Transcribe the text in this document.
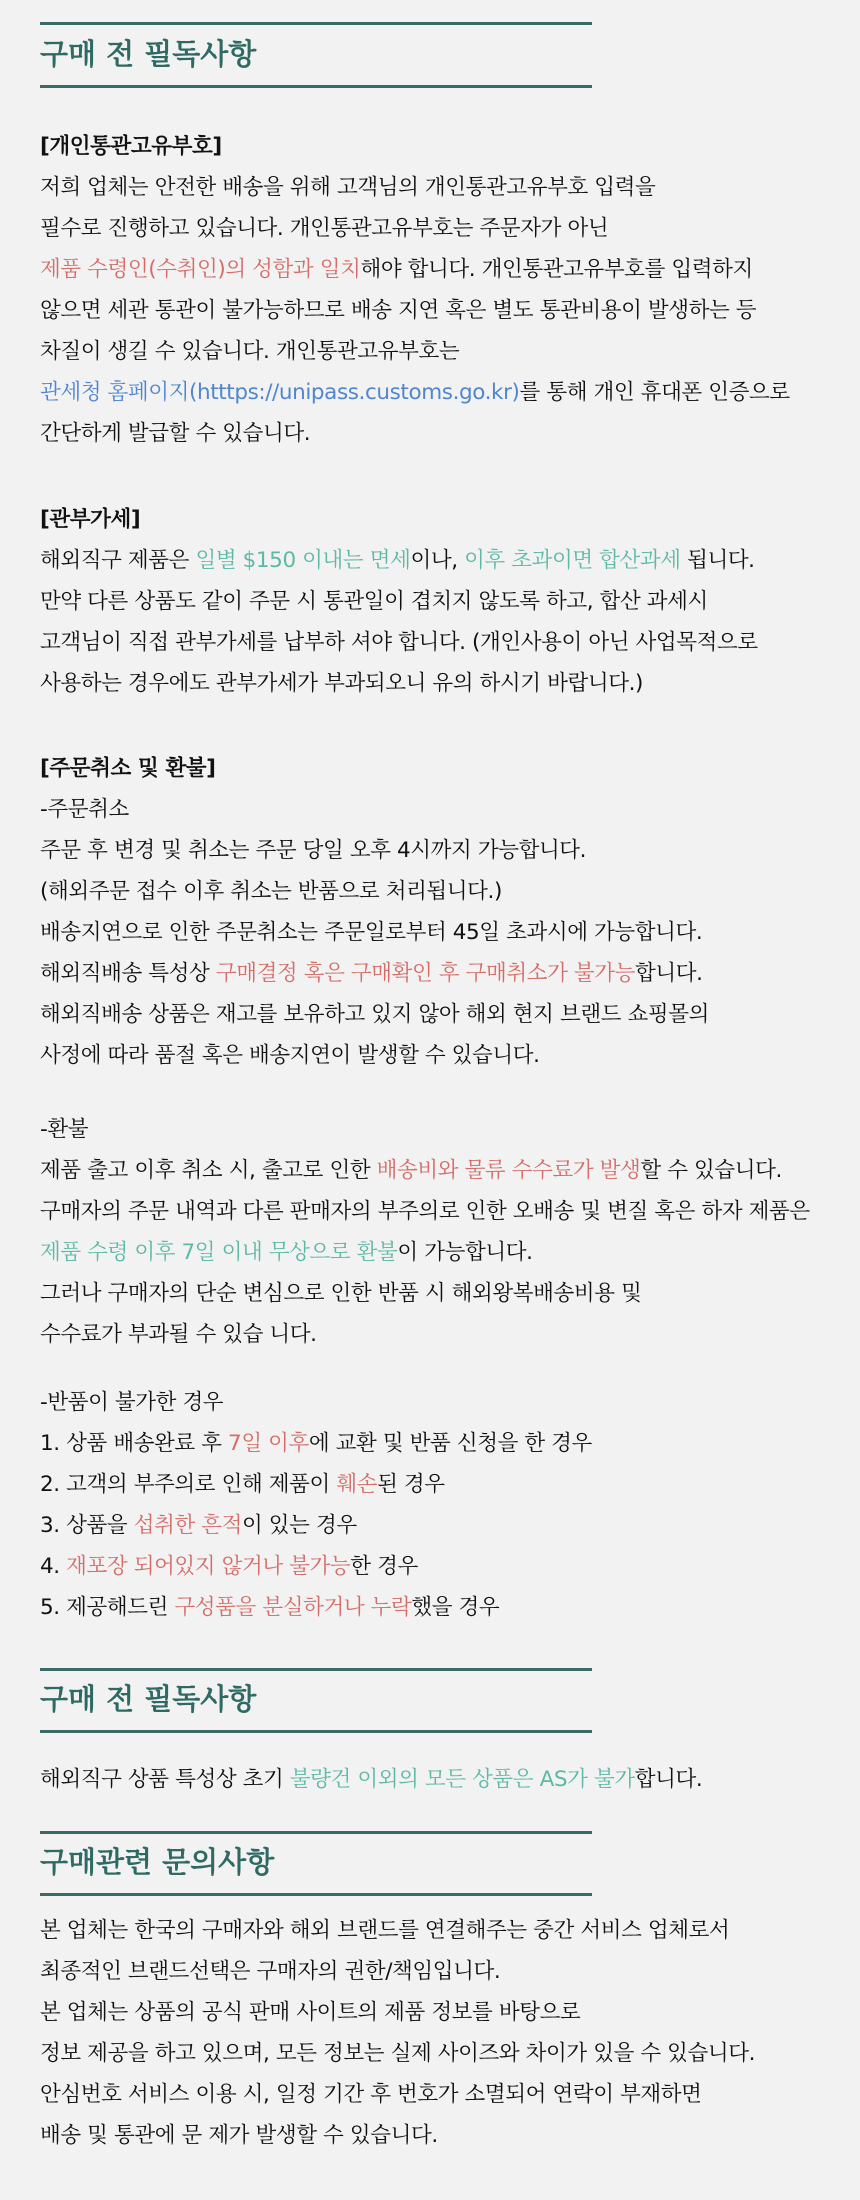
구매 전 필독사항
[개인통관고유부호]
저희 업체는 안전한 배송을 위해 고객님의 개인통관고유부호 입력을
필수로 진행하고 있습니다. 개인통관고유부호는 주문자가 아닌
제품 수령인(수취인)의 성함과 일치해야 합니다. 개인통관고유부호를 입력하지
않으면 세관 통관이 불가능하므로 배송 지연 혹은 별도 통관비용이 발생하는 등
차질이 생길 수 있습니다. 개인통관고유부호는
관세청 홈페이지(htttps://unipass.customs.go.kr)를 통해 개인 휴대폰 인증으로
간단하게 발급할 수 있습니다.
[관부가세]
해외직구 제품은 일별 $150 이내는 면세이나, 이후 초과이면 합산과세 됩니다.
만약 다른 상품도 같이 주문 시 통관일이 겹치지 않도록 하고, 합산 과세시
고객님이 직접 관부가세를 납부하 셔야 합니다. (개인사용이 아닌 사업목적으로
사용하는 경우에도 관부가세가 부과되오니 유의 하시기 바랍니다.)
[주문취소 및 환불]
-주문취소
주문 후 변경 및 취소는 주문 당일 오후 4시까지 가능합니다.
(해외주문 접수 이후 취소는 반품으로 처리됩니다.)
배송지연으로 인한 주문취소는 주문일로부터 45일 초과시에 가능합니다.
해외직배송 특성상 구매결정 혹은 구매확인 후 구매취소가 불가능합니다.
해외직배송 상품은 재고를 보유하고 있지 않아 해외 현지 브랜드 쇼핑몰의
사정에 따라 품절 혹은 배송지연이 발생할 수 있습니다.
-환불
제품 출고 이후 취소 시, 출고로 인한 배송비와 물류 수수료가 발생할 수 있습니다.
구매자의 주문 내역과 다른 판매자의 부주의로 인한 오배송 및 변질 혹은 하자 제품은
제품 수령 이후 7일 이내 무상으로 환불이 가능합니다.
그러나 구매자의 단순 변심으로 인한 반품 시 해외왕복배송비용 및
수수료가 부과될 수 있습 니다.
-반품이 불가한 경우
1. 상품 배송완료 후 7일 이후에 교환 및 반품 신청을 한 경우
2. 고객의 부주의로 인해 제품이 훼손된 경우
3. 상품을 섭취한 흔적이 있는 경우
4. 재포장 되어있지 않거나 불가능한 경우
5. 제공해드린 구성품을 분실하거나 누락했을 경우
구매 전 필독사항
해외직구 상품 특성상 초기 불량건 이외의 모든 상품은 AS가 불가합니다.
구매관련 문의사항
본 업체는 한국의 구매자와 해외 브랜드를 연결해주는 중간 서비스 업체로서
최종적인 브랜드선택은 구매자의 권한/책임입니다.
본 업체는 상품의 공식 판매 사이트의 제품 정보를 바탕으로
정보 제공을 하고 있으며, 모든 정보는 실제 사이즈와 차이가 있을 수 있습니다.
안심번호 서비스 이용 시, 일정 기간 후 번호가 소멸되어 연락이 부재하면
배송 및 통관에 문 제가 발생할 수 있습니다.
